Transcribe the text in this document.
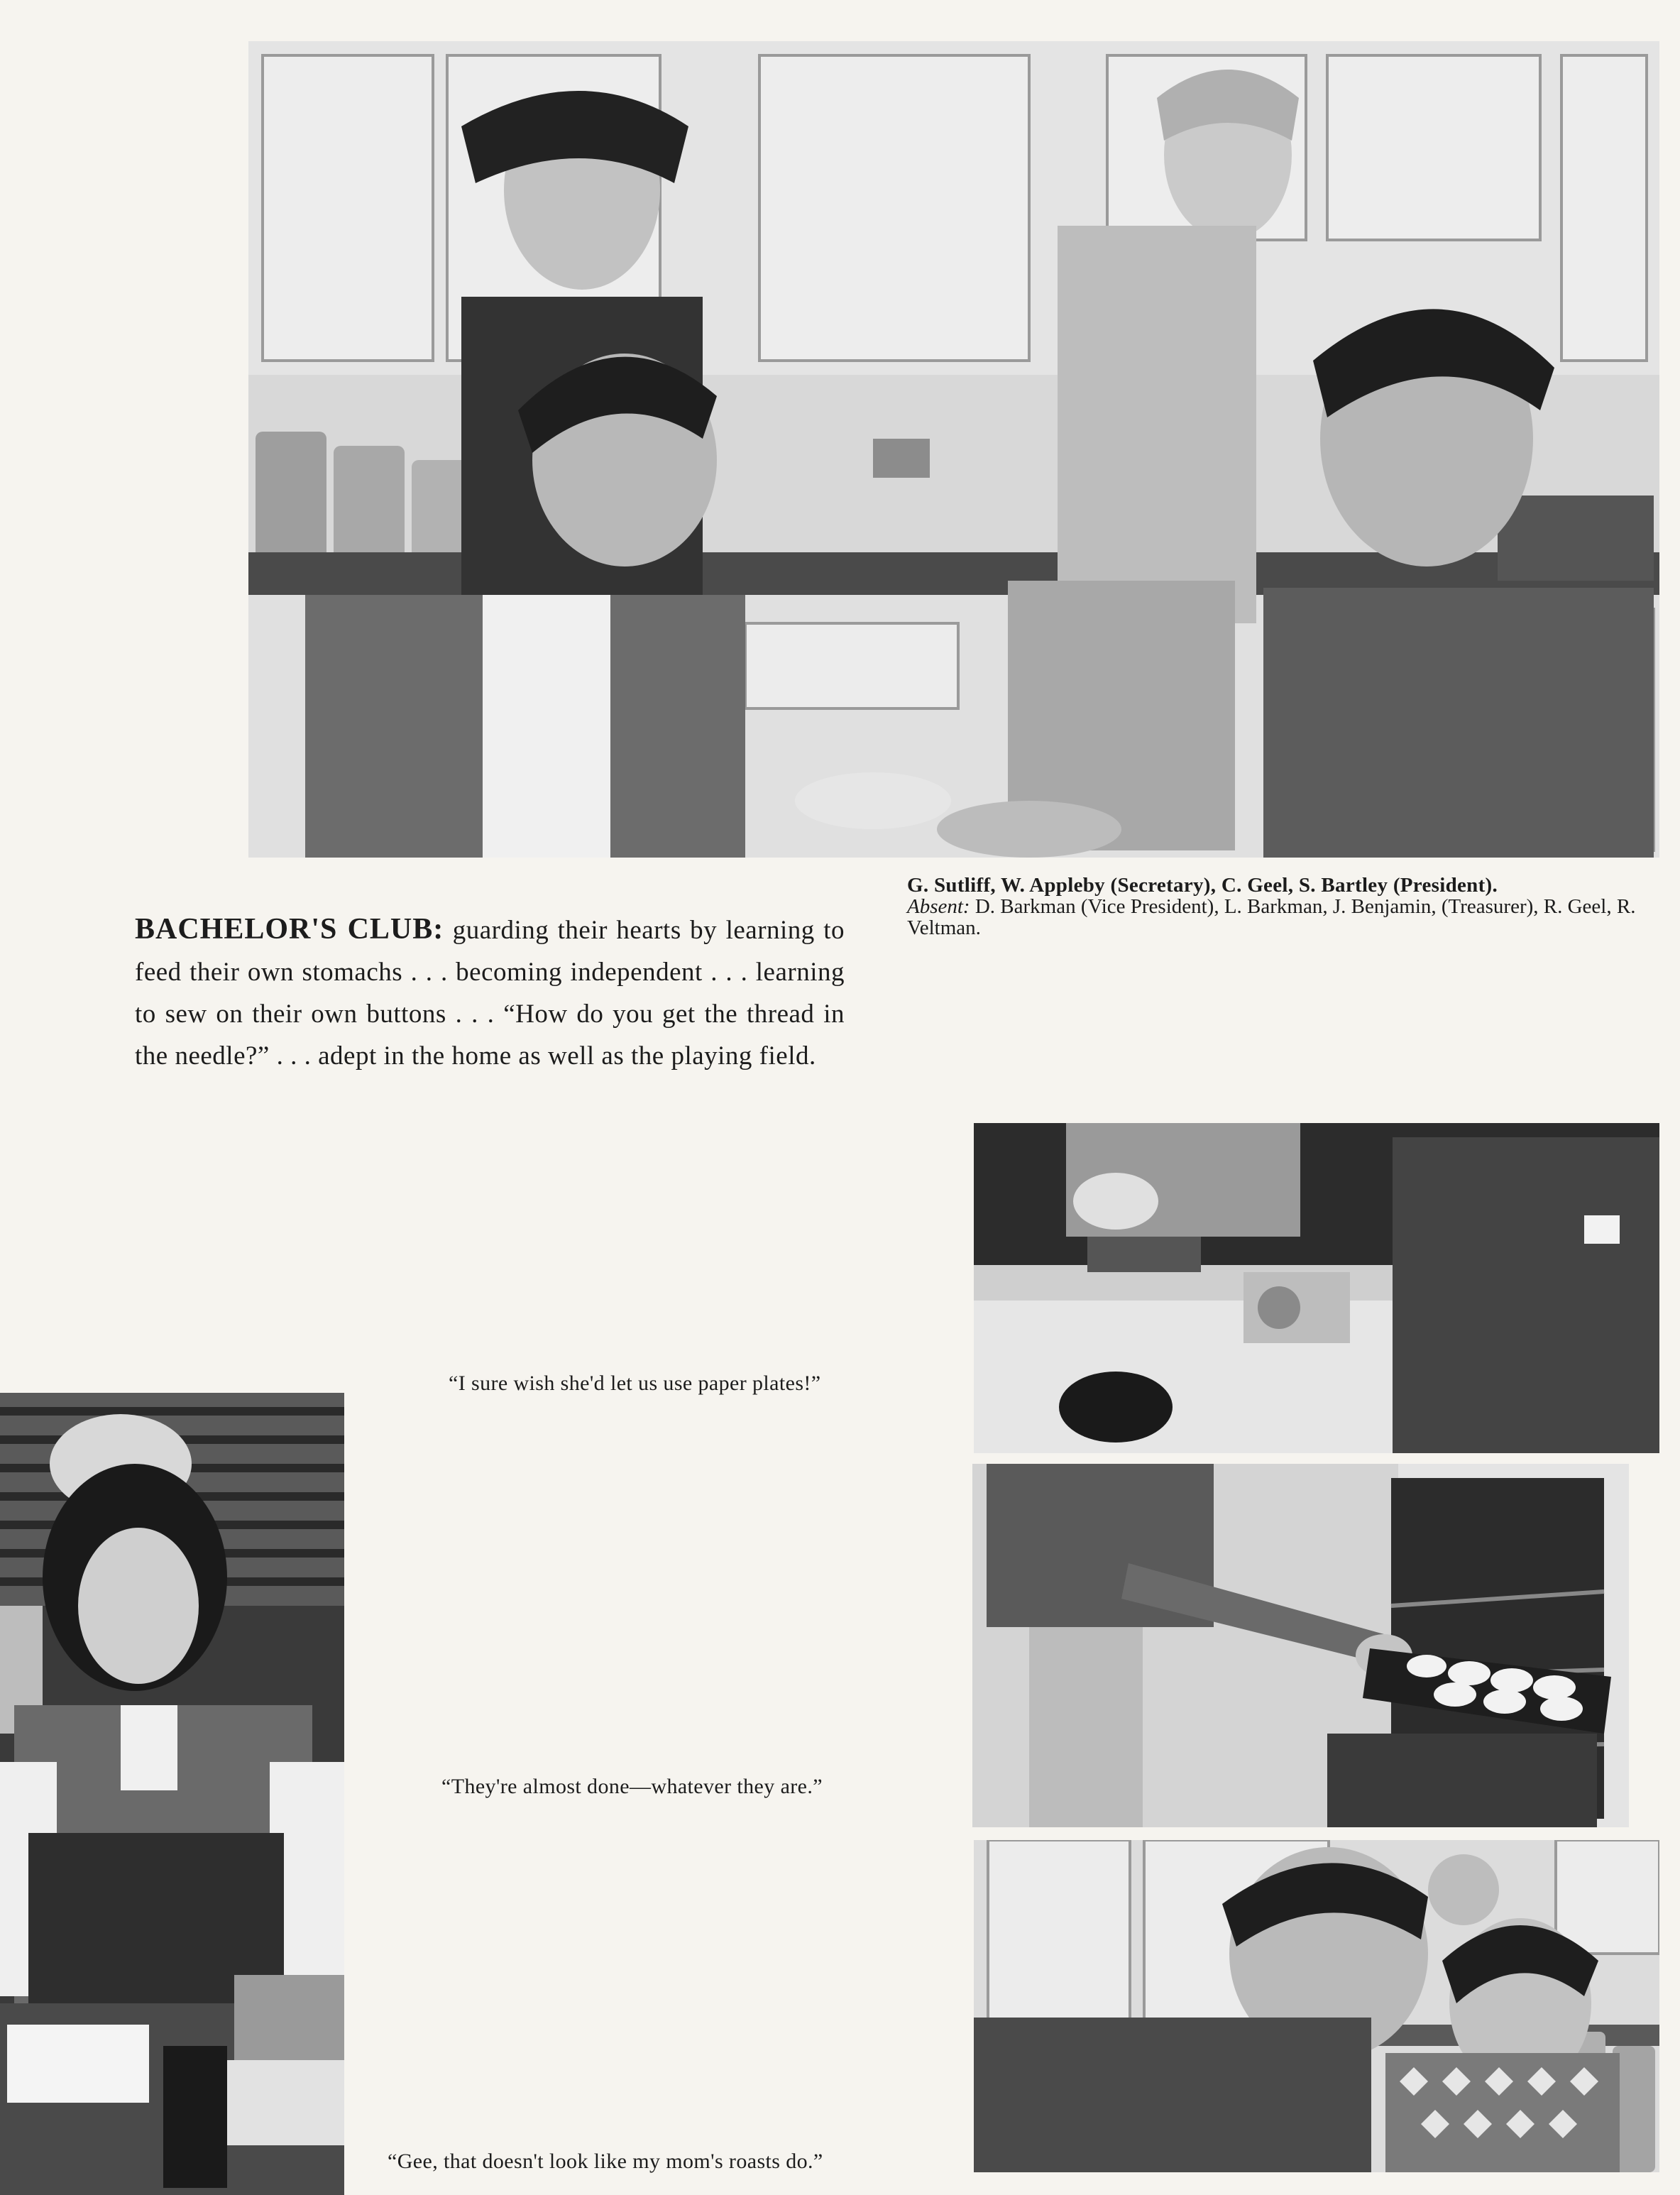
BACHELOR'S CLUB: guarding their hearts by learning to feed their own stomachs . . . becoming independent . . . learning to sew on their own buttons . . . “How do you get the thread in the needle?” . . . adept in the home as well as the playing field.
G. Sutliff, W. Appleby (Secretary), C. Geel, S. Bartley (President).
Absent: D. Barkman (Vice President), L. Barkman, J. Benjamin, (Treasurer), R. Geel, R. Veltman.
“I sure wish she'd let us use paper plates!”
“They're almost done—whatever they are.”
“Gee, that doesn't look like my mom's roasts do.”
